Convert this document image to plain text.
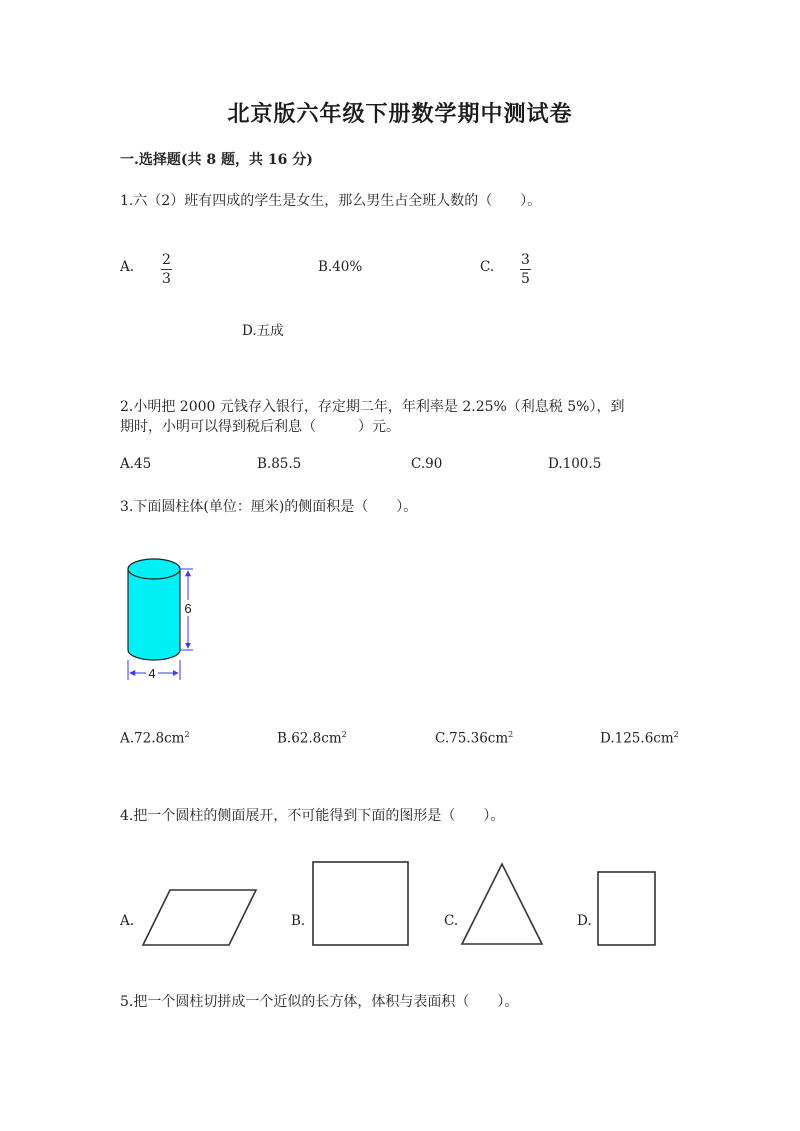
北京版六年级下册数学期中测试卷
一.选择题(共 8 题，共 16 分)
1.六（2）班有四成的学生是女生，那么男生占全班人数的（　　）。
A. 2
3
B.40%	C. 3
5
D.五成
2.小明把 2000 元钱存入银行，存定期二年，年利率是 2.25%（利息税 5%），到
期时，小明可以得到税后利息（　　　）元。
A.45	B.85.5	C.90	D.100.5
3.下面圆柱体(单位：厘米)的侧面积是（　　）。
6
4
$A.72.8cm^2$	$B.62.8cm^2$	$C.75.36cm^2$	$D.125.6cm^2$
4.把一个圆柱的侧面展开，不可能得到下面的图形是（　　）。
A.	B.	C.	D.
5.把一个圆柱切拼成一个近似的长方体，体积与表面积（　　）。
